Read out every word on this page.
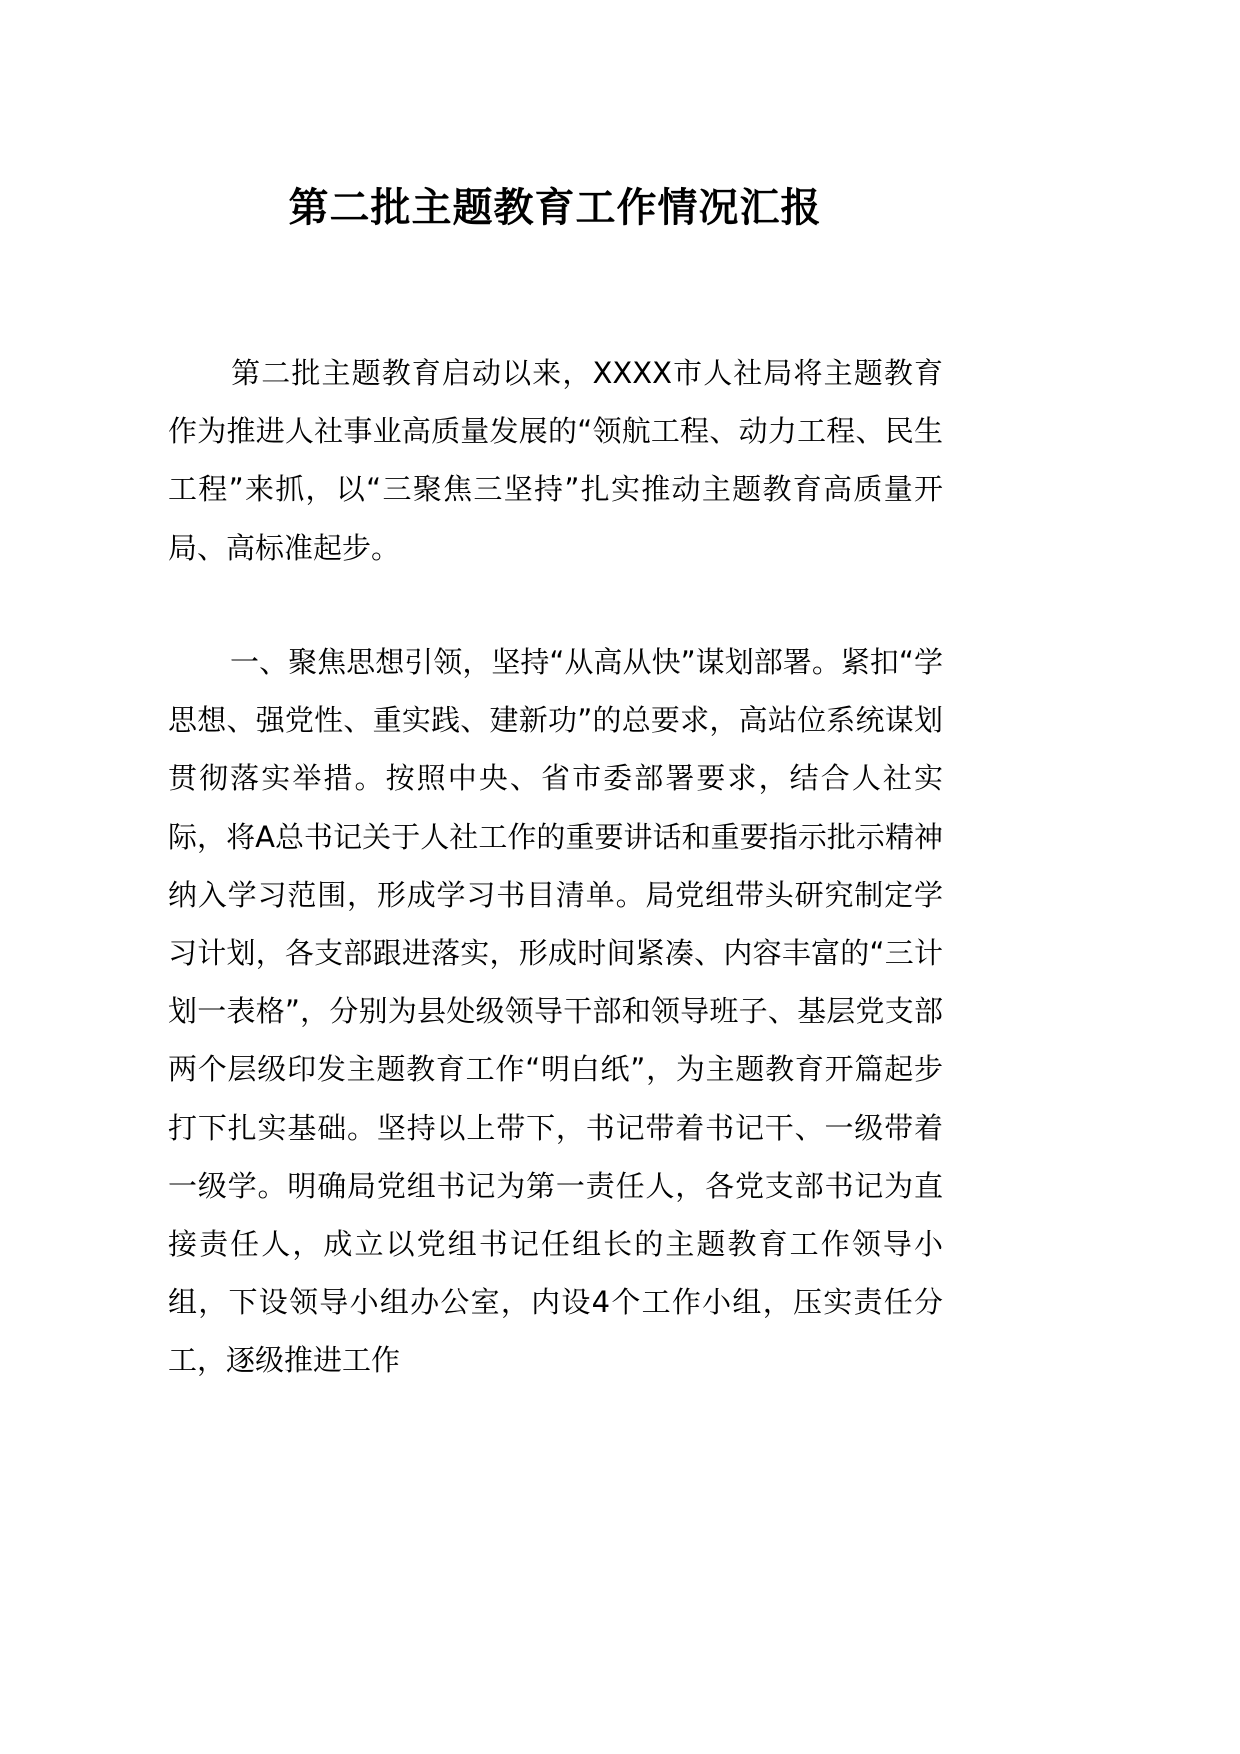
第二批主题教育工作情况汇报

第二批主题教育启动以来，XXXX市人社局将主题教育作为推进人社事业高质量发展的“领航工程、动力工程、民生工程”来抓，以“三聚焦三坚持”扎实推动主题教育高质量开局、高标准起步。

一、聚焦思想引领，坚持“从高从快”谋划部署。紧扣“学思想、强党性、重实践、建新功”的总要求，高站位系统谋划贯彻落实举措。按照中央、省市委部署要求，结合人社实际，将A总书记关于人社工作的重要讲话和重要指示批示精神纳入学习范围，形成学习书目清单。局党组带头研究制定学习计划，各支部跟进落实，形成时间紧凑、内容丰富的“三计划一表格”，分别为县处级领导干部和领导班子、基层党支部两个层级印发主题教育工作“明白纸”，为主题教育开篇起步打下扎实基础。坚持以上带下，书记带着书记干、一级带着一级学。明确局党组书记为第一责任人，各党支部书记为直接责任人，成立以党组书记任组长的主题教育工作领导小组，下设领导小组办公室，内设4个工作小组，压实责任分工，逐级推进工作
